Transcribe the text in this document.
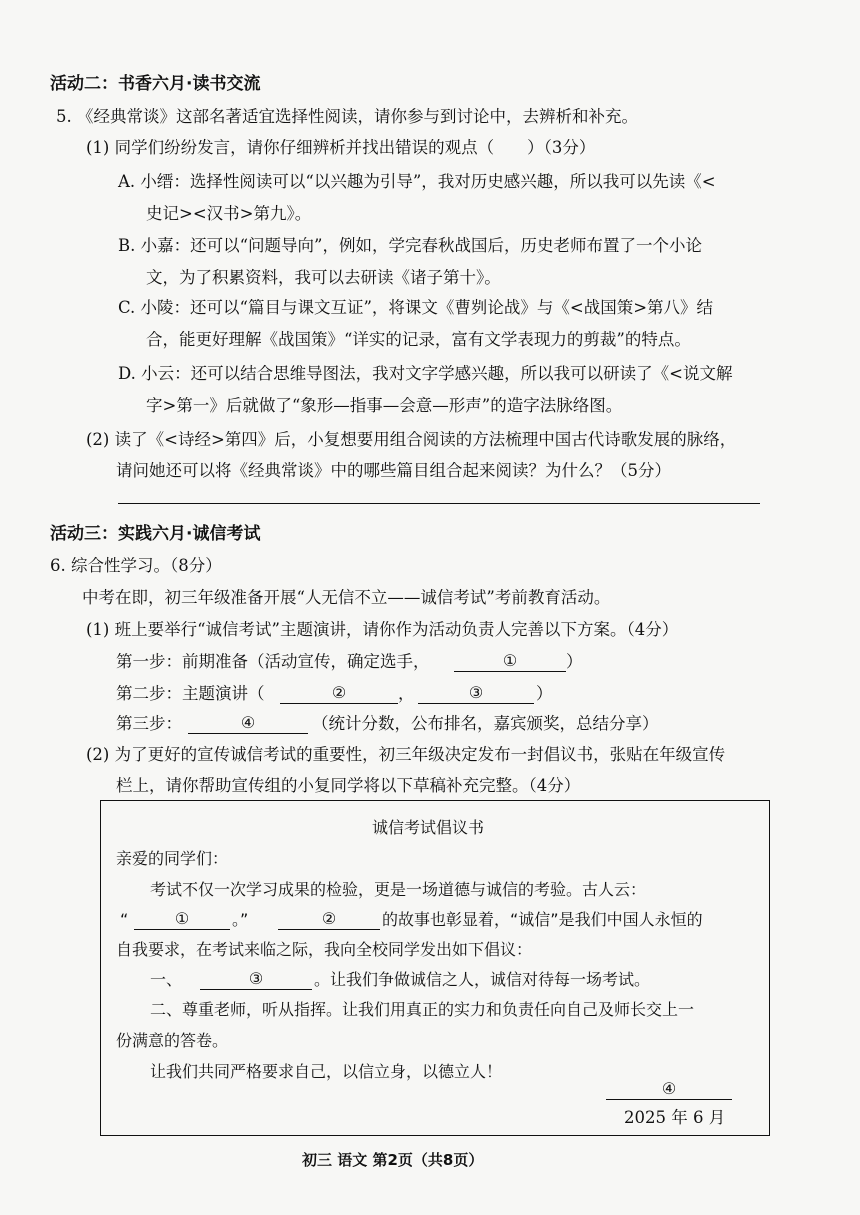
活动二：书香六月·读书交流
5. 《经典常谈》这部名著适宜选择性阅读，请你参与到讨论中，去辨析和补充。
(1) 同学们纷纷发言，请你仔细辨析并找出错误的观点（　　）（3分）
A. 小缙：选择性阅读可以“以兴趣为引导”，我对历史感兴趣，所以我可以先读《<
史记><汉书>第九》。
B. 小嘉：还可以“问题导向”，例如，学完春秋战国后，历史老师布置了一个小论
文，为了积累资料，我可以去研读《诸子第十》。
C. 小陵：还可以“篇目与课文互证”，将课文《曹刿论战》与《<战国策>第八》结
合，能更好理解《战国策》“详实的记录，富有文学表现力的剪裁”的特点。
D. 小云：还可以结合思维导图法，我对文字学感兴趣，所以我可以研读了《<说文解
字>第一》后就做了“象形—指事—会意—形声”的造字法脉络图。
(2) 读了《<诗经>第四》后，小复想要用组合阅读的方法梳理中国古代诗歌发展的脉络，
请问她还可以将《经典常谈》中的哪些篇目组合起来阅读？为什么？（5分）
活动三：实践六月·诚信考试
6. 综合性学习。（8分）
中考在即，初三年级准备开展“人无信不立——诚信考试”考前教育活动。
(1) 班上要举行“诚信考试”主题演讲，请你作为活动负责人完善以下方案。（4分）
第一步：前期准备（活动宣传，确定选手，	①	）
第二步：主题演讲（	②	，	③	）
第三步：	④	（统计分数，公布排名，嘉宾颁奖，总结分享）
(2) 为了更好的宣传诚信考试的重要性，初三年级决定发布一封倡议书，张贴在年级宣传
栏上，请你帮助宣传组的小复同学将以下草稿补充完整。（4分）
诚信考试倡议书
亲爱的同学们：
考试不仅一次学习成果的检验，更是一场道德与诚信的考验。古人云：
“	①	。”	②	的故事也彰显着，“诚信”是我们中国人永恒的
自我要求，在考试来临之际，我向全校同学发出如下倡议：
一、	③	。让我们争做诚信之人，诚信对待每一场考试。
二、尊重老师，听从指挥。让我们用真正的实力和负责任向自己及师长交上一
份满意的答卷。
让我们共同严格要求自己，以信立身，以德立人！
④
2025 年 6 月
初三 语文 第2页（共8页）
